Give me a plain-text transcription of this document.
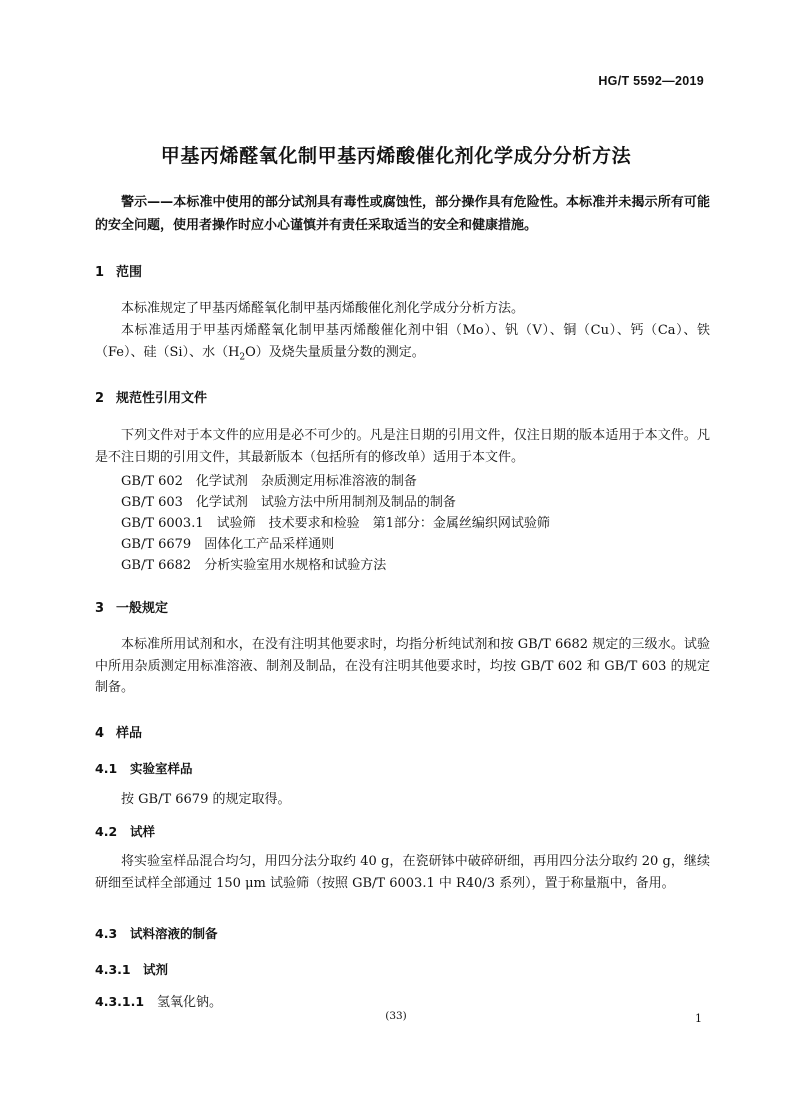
HG/T 5592—2019
甲基丙烯醛氧化制甲基丙烯酸催化剂化学成分分析方法

警示——本标准中使用的部分试剂具有毒性或腐蚀性，部分操作具有危险性。本标准并未揭示所有可能的安全问题，使用者操作时应小心谨慎并有责任采取适当的安全和健康措施。

1 范围

本标准规定了甲基丙烯醛氧化制甲基丙烯酸催化剂化学成分分析方法。

本标准适用于甲基丙烯醛氧化制甲基丙烯酸催化剂中钼（Mo）、钒（V）、铜（Cu）、钙（Ca）、铁（Fe）、硅（Si）、水$(H_2O)$及烧失量质量分数的测定。

2 规范性引用文件

下列文件对于本文件的应用是必不可少的。凡是注日期的引用文件，仅注日期的版本适用于本文件。凡是不注日期的引用文件，其最新版本（包括所有的修改单）适用于本文件。

GB/T 602　化学试剂　杂质测定用标准溶液的制备
GB/T 603　化学试剂　试验方法中所用制剂及制品的制备
GB/T 6003.1　试验筛　技术要求和检验　第1部分：金属丝编织网试验筛
GB/T 6679　固体化工产品采样通则
GB/T 6682　分析实验室用水规格和试验方法
3 一般规定

本标准所用试剂和水，在没有注明其他要求时，均指分析纯试剂和按 GB/T 6682 规定的三级水。试验中所用杂质测定用标准溶液、制剂及制品，在没有注明其他要求时，均按 GB/T 602 和 GB/T 603 的规定制备。

4 样品
4.1 实验室样品

按 GB/T 6679 的规定取得。

4.2 试样

将实验室样品混合均匀，用四分法分取约 40 g，在瓷研钵中破碎研细，再用四分法分取约 20 g，继续研细至试样全部通过 150 μm 试验筛（按照 GB/T 6003.1 中 R40/3 系列），置于称量瓶中，备用。

4.3 试料溶液的制备
4.3.1 试剂
4.3.1.1 氢氧化钠。
(33)	1
